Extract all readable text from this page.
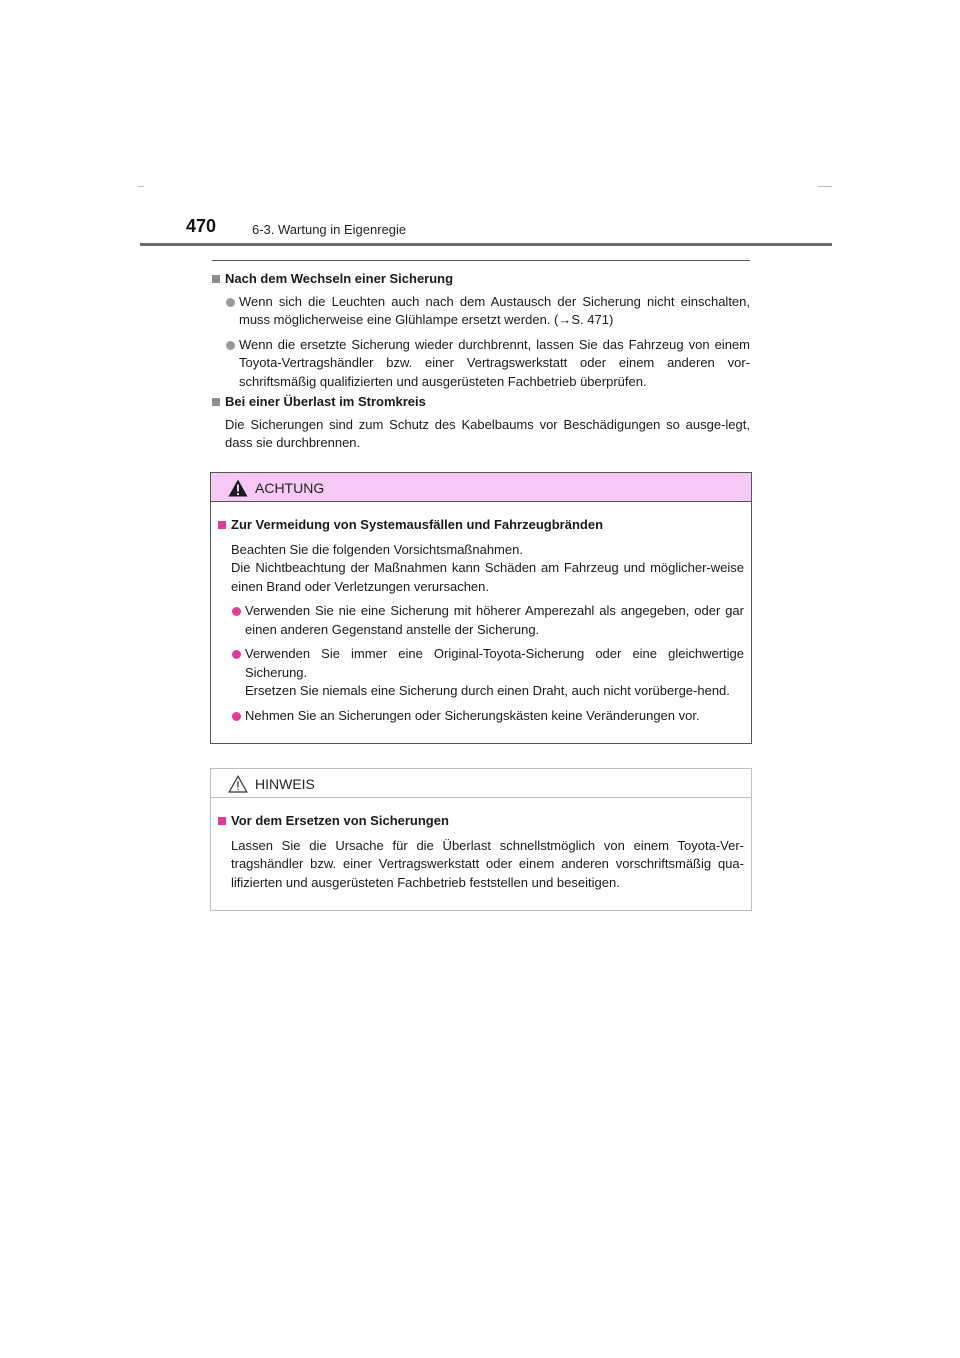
470	6-3. Wartung in Eigenregie
Nach dem Wechseln einer Sicherung
Wenn sich die Leuchten auch nach dem Austausch der Sicherung nicht einschalten, muss möglicherweise eine Glühlampe ersetzt werden. (→S. 471)
Wenn die ersetzte Sicherung wieder durchbrennt, lassen Sie das Fahrzeug von einem Toyota-Vertragshändler bzw. einer Vertragswerkstatt oder einem anderen vor-schriftsmäßig qualifizierten und ausgerüsteten Fachbetrieb überprüfen.
Bei einer Überlast im Stromkreis
Die Sicherungen sind zum Schutz des Kabelbaums vor Beschädigungen so ausge-legt, dass sie durchbrennen.
ACHTUNG
Zur Vermeidung von Systemausfällen und Fahrzeugbränden
Beachten Sie die folgenden Vorsichtsmaßnahmen.
Die Nichtbeachtung der Maßnahmen kann Schäden am Fahrzeug und möglicher-weise einen Brand oder Verletzungen verursachen.
Verwenden Sie nie eine Sicherung mit höherer Amperezahl als angegeben, oder gar einen anderen Gegenstand anstelle der Sicherung.
Verwenden Sie immer eine Original-Toyota-Sicherung oder eine gleichwertige Sicherung.
Ersetzen Sie niemals eine Sicherung durch einen Draht, auch nicht vorüberge-hend.
Nehmen Sie an Sicherungen oder Sicherungskästen keine Veränderungen vor.
HINWEIS
Vor dem Ersetzen von Sicherungen
Lassen Sie die Ursache für die Überlast schnellstmöglich von einem Toyota-Ver-tragshändler bzw. einer Vertragswerkstatt oder einem anderen vorschriftsmäßig qua-lifizierten und ausgerüsteten Fachbetrieb feststellen und beseitigen.
